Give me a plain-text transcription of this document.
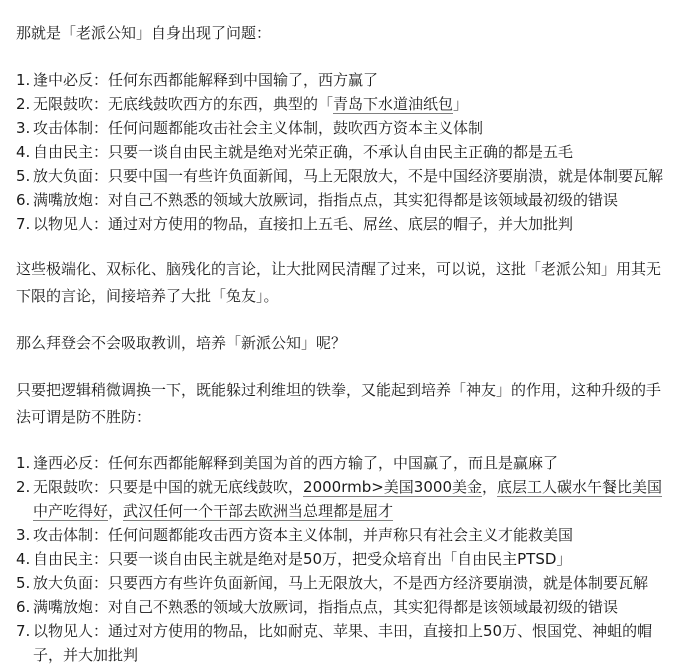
那就是「老派公知」自身出现了问题：

1. 逢中必反：任何东西都能解释到中国输了，西方赢了
2. 无限鼓吹：无底线鼓吹西方的东西，典型的「青岛下水道油纸包」
3. 攻击体制：任何问题都能攻击社会主义体制，鼓吹西方资本主义体制
4. 自由民主：只要一谈自由民主就是绝对光荣正确，不承认自由民主正确的都是五毛
5. 放大负面：只要中国一有些许负面新闻，马上无限放大，不是中国经济要崩溃，就是体制要瓦解
6. 满嘴放炮：对自己不熟悉的领域大放厥词，指指点点，其实犯得都是该领域最初级的错误
7. 以物见人：通过对方使用的物品，直接扣上五毛、屌丝、底层的帽子，并大加批判

这些极端化、双标化、脑残化的言论，让大批网民清醒了过来，可以说，这批「老派公知」用其无下限的言论，间接培养了大批「兔友」。

那么拜登会不会吸取教训，培养「新派公知」呢？

只要把逻辑稍微调换一下，既能躲过利维坦的铁拳，又能起到培养「神友」的作用，这种升级的手法可谓是防不胜防：

1. 逢西必反：任何东西都能解释到美国为首的西方输了，中国赢了，而且是赢麻了
2. 无限鼓吹：只要是中国的就无底线鼓吹，2000rmb>美国3000美金，底层工人碳水午餐比美国中产吃得好，武汉任何一个干部去欧洲当总理都是屈才
3. 攻击体制：任何问题都能攻击西方资本主义体制，并声称只有社会主义才能救美国
4. 自由民主：只要一谈自由民主就是绝对是50万，把受众培育出「自由民主PTSD」
5. 放大负面：只要西方有些许负面新闻，马上无限放大，不是西方经济要崩溃，就是体制要瓦解
6. 满嘴放炮：对自己不熟悉的领域大放厥词，指指点点，其实犯得都是该领域最初级的错误
7. 以物见人：通过对方使用的物品，比如耐克、苹果、丰田，直接扣上50万、恨国党、神蛆的帽子，并大加批判
